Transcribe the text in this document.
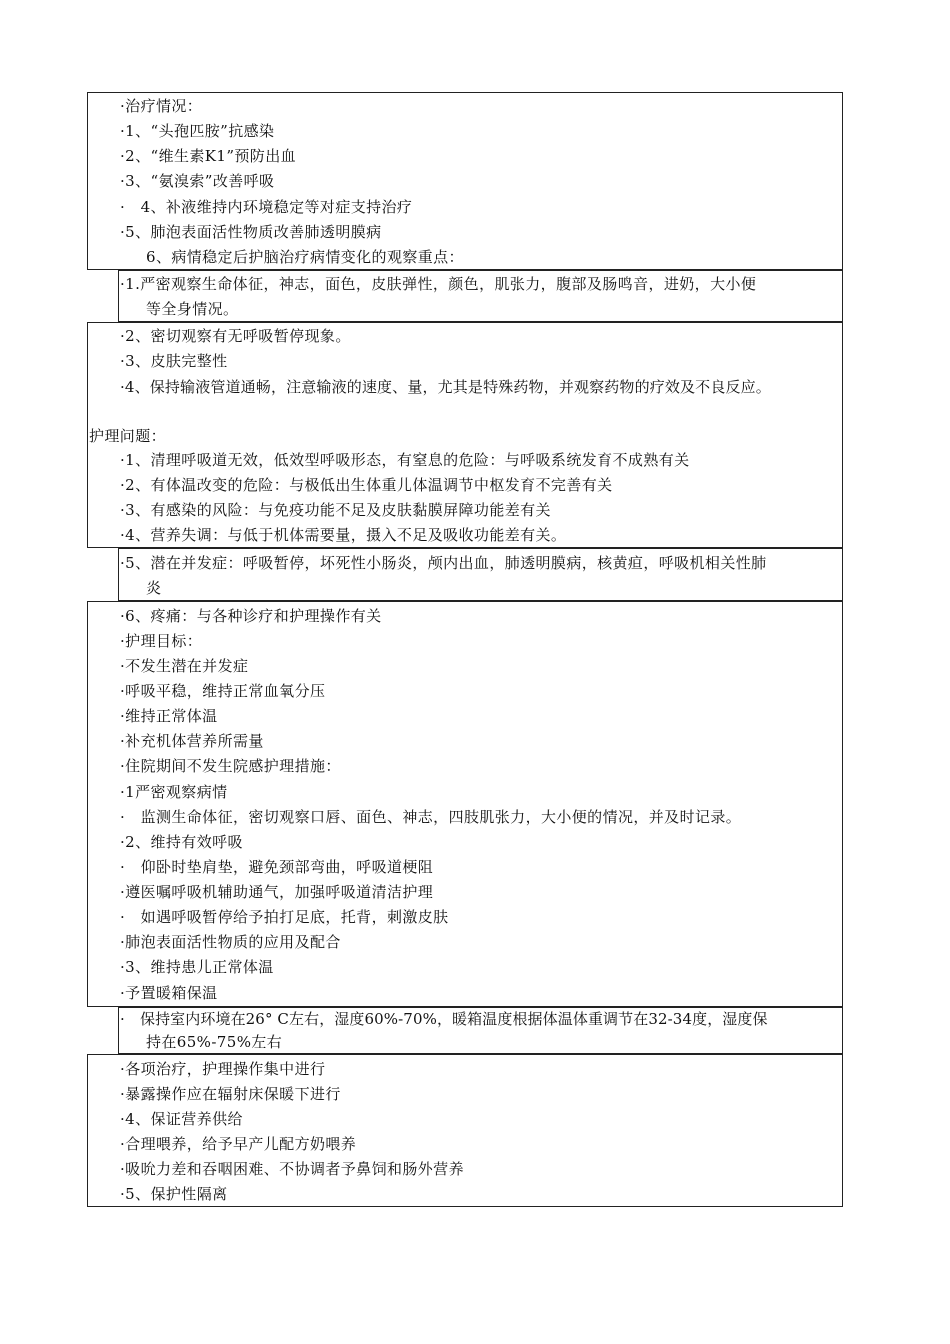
·治疗情况：
·1、“头孢匹胺”抗感染
·2、“维生素K1”预防出血
·3、“氨溴索”改善呼吸
·　4、补液维持内环境稳定等对症支持治疗
·5、肺泡表面活性物质改善肺透明膜病
6、病情稳定后护脑治疗病情变化的观察重点：
·1.严密观察生命体征，神志，面色，皮肤弹性，颜色，肌张力，腹部及肠鸣音，进奶，大小便
等全身情况。
·2、密切观察有无呼吸暂停现象。
·3、皮肤完整性
·4、保持输液管道通畅，注意输液的速度、量，尤其是特殊药物，并观察药物的疗效及不良反应。
护理问题：
·1、清理呼吸道无效，低效型呼吸形态，有窒息的危险：与呼吸系统发育不成熟有关
·2、有体温改变的危险：与极低出生体重儿体温调节中枢发育不完善有关
·3、有感染的风险：与免疫功能不足及皮肤黏膜屏障功能差有关
·4、营养失调：与低于机体需要量，摄入不足及吸收功能差有关。
·5、潜在并发症：呼吸暂停，坏死性小肠炎，颅内出血，肺透明膜病，核黄疸，呼吸机相关性肺
炎
·6、疼痛：与各种诊疗和护理操作有关
·护理目标：
·不发生潜在并发症
·呼吸平稳，维持正常血氧分压
·维持正常体温
·补充机体营养所需量
·住院期间不发生院感护理措施：
·1严密观察病情
·　监测生命体征，密切观察口唇、面色、神志，四肢肌张力，大小便的情况，并及时记录。
·2、维持有效呼吸
·　仰卧时垫肩垫，避免颈部弯曲，呼吸道梗阻
·遵医嘱呼吸机辅助通气，加强呼吸道清洁护理
·　如遇呼吸暂停给予拍打足底，托背，刺激皮肤
·肺泡表面活性物质的应用及配合
·3、维持患儿正常体温
·予置暖箱保温
·　保持室内环境在26° C左右，湿度60%-70%，暖箱温度根据体温体重调节在32-34度，湿度保
持在65%-75%左右
·各项治疗，护理操作集中进行
·暴露操作应在辐射床保暖下进行
·4、保证营养供给
·合理喂养，给予早产儿配方奶喂养
·吸吮力差和吞咽困难、不协调者予鼻饲和肠外营养
·5、保护性隔离
